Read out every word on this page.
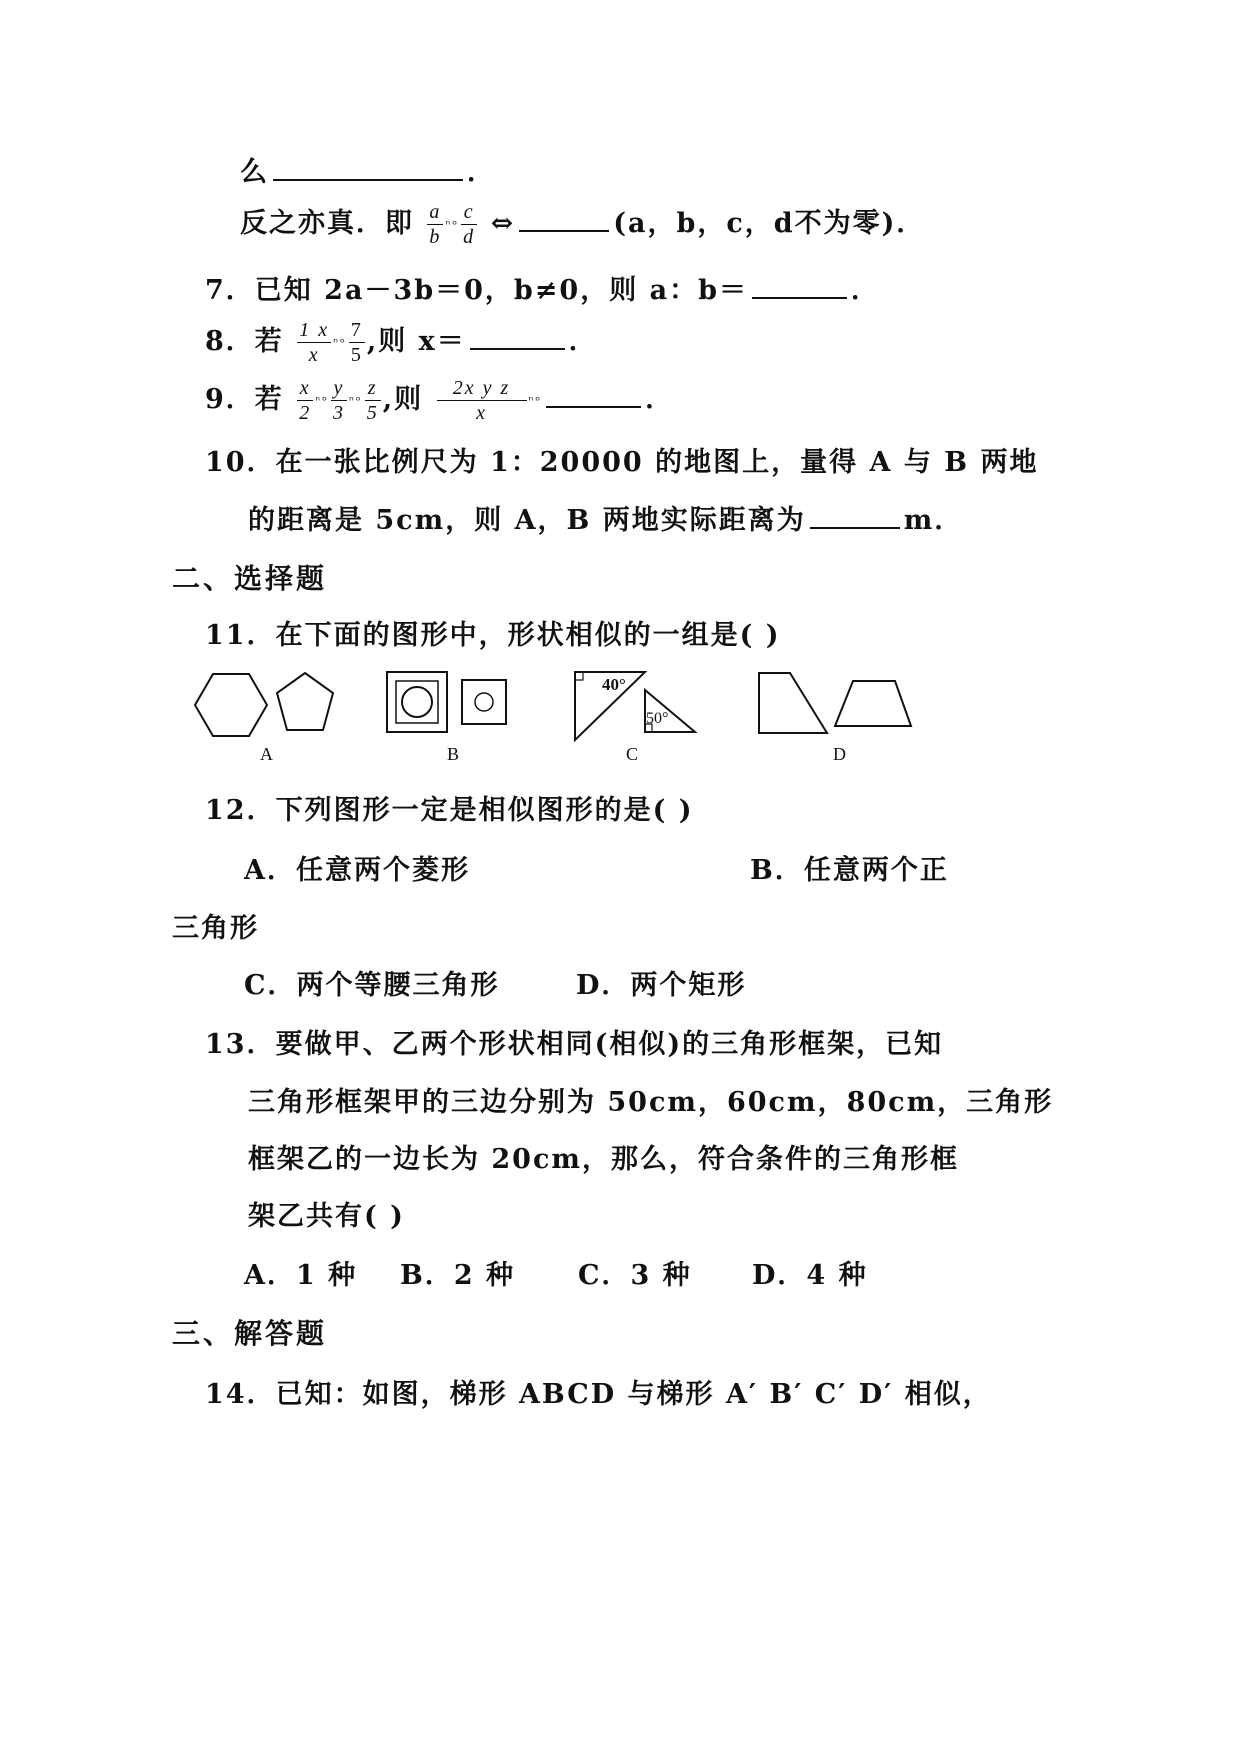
么	．
反之亦真．即 $\frac{a}{b}$ ⁿᵒ $\frac{c}{d}$ ⇔	(a，b，c，d不为零)．
7．已知 2a－3b＝0，b≠0，则 a：b＝	．
8．若 $\frac{1 x}{x}$ ⁿᵒ $\frac{7}{5}$ ,则 x＝	．
9．若 $\frac{x}{2}$ ⁿᵒ $\frac{y}{3}$ ⁿᵒ $\frac{z}{5}$ ,则 $\frac{\text{2x y z}}{x}$ ⁿᵒ	．
10．在一张比例尺为 1：20000 的地图上，量得 A 与 B 两地
的距离是 5cm，则 A，B 两地实际距离为	m．
二、选择题
11．在下面的图形中，形状相似的一组是( )
40°
50°
A	B	C	D
12．下列图形一定是相似图形的是( )
A．任意两个菱形	B．任意两个正
三角形
C．两个等腰三角形	D．两个矩形
13．要做甲、乙两个形状相同(相似)的三角形框架，已知
三角形框架甲的三边分别为 50cm，60cm，80cm，三角形
框架乙的一边长为 20cm，那么，符合条件的三角形框
架乙共有( )
A．1 种 B．2 种 C．3 种 D．4 种
三、解答题
14．已知：如图，梯形 ABCD 与梯形 A′ B′ C′ D′ 相似，
